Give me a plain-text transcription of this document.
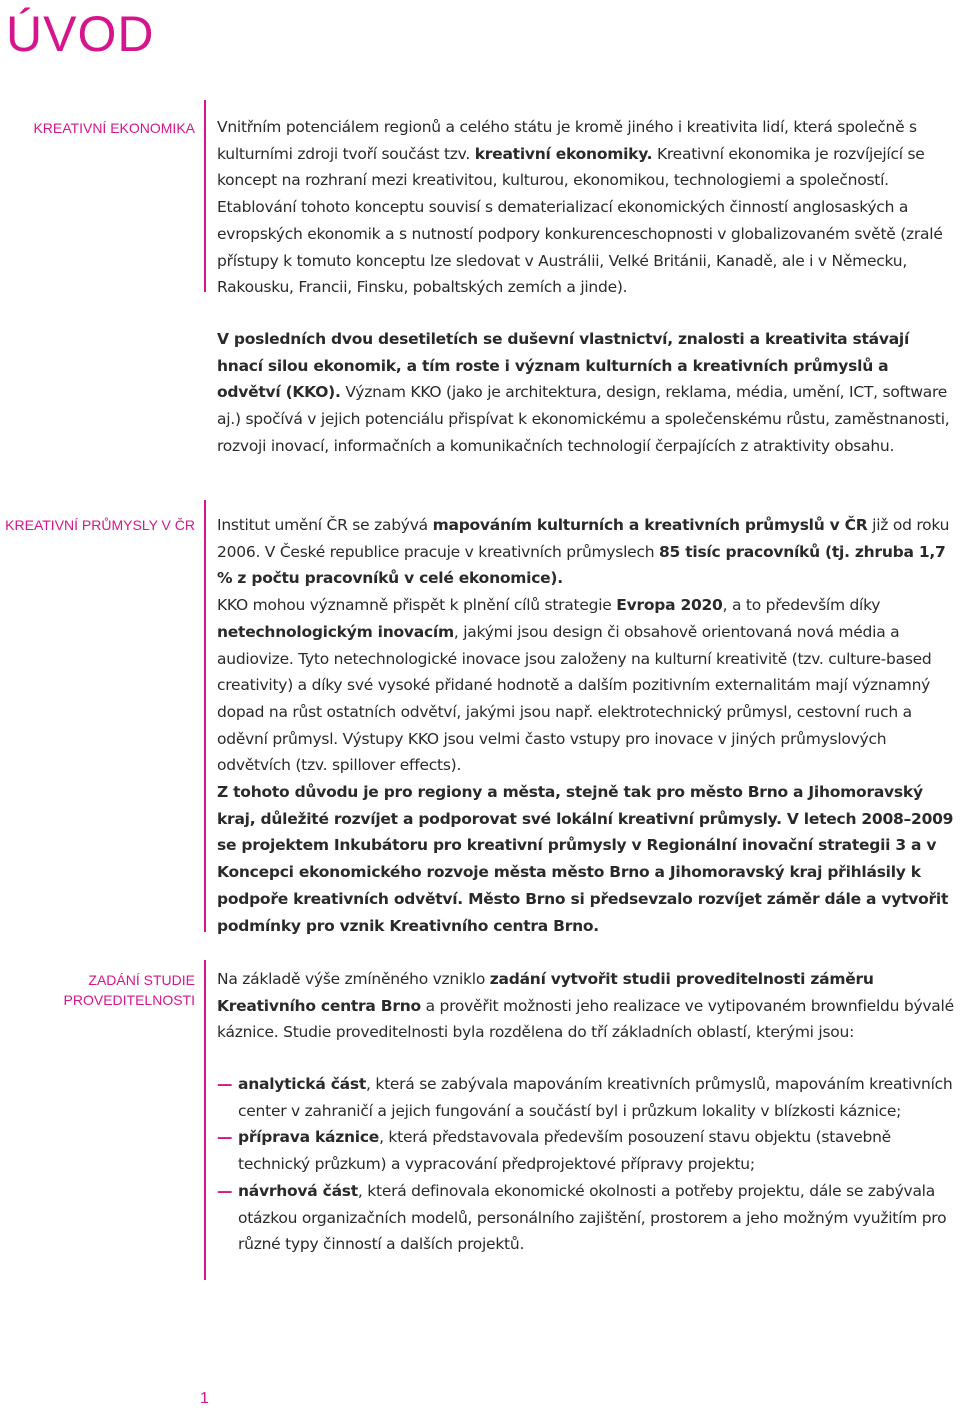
ÚVOD
KREATIVNÍ EKONOMIKA Vnitřním potenciálem regionů a celého státu je kromě jiného i kreativita lidí, která společně s kulturními zdroji tvoří součást tzv. kreativní ekonomiky. Kreativní ekonomika je rozvíjející se koncept na rozhraní mezi kreativitou, kulturou, ekonomikou, technologiemi a společností. Etablování tohoto konceptu souvisí s dematerializací ekonomických činností anglosaských a evropských ekonomik a s nutností podpory konkurenceschopnosti v globalizovaném světě (zralé přístupy k tomuto konceptu lze sledovat v Austrálii, Velké Británii, Kanadě, ale i v Německu, Rakousku, Francii, Finsku, pobaltských zemích a jinde).

V posledních dvou desetiletích se duševní vlastnictví, znalosti a kreativita stávají hnací silou ekonomik, a tím roste i význam kulturních a kreativních průmyslů a odvětví (KKO). Význam KKO (jako je architektura, design, reklama, média, umění, ICT, software aj.) spočívá v jejich potenciálu přispívat k ekonomickému a společenskému růstu, zaměstnanosti, rozvoji inovací, informačních a komunikačních technologií čerpajících z atraktivity obsahu.

KREATIVNÍ PRŮMYSLY V ČR Institut umění ČR se zabývá mapováním kulturních a kreativních průmyslů v ČR již od roku 2006. V České republice pracuje v kreativních průmyslech 85 tisíc pracovníků (tj. zhruba 1,7 % z počtu pracovníků v celé ekonomice).

KKO mohou významně přispět k plnění cílů strategie Evropa 2020, a to především díky netechnologickým inovacím, jakými jsou design či obsahově orientovaná nová média a audiovize. Tyto netechnologické inovace jsou založeny na kulturní kreativitě (tzv. culture-based creativity) a díky své vysoké přidané hodnotě a dalším pozitivním externalitám mají významný dopad na růst ostatních odvětví, jakými jsou např. elektrotechnický průmysl, cestovní ruch a oděvní průmysl. Výstupy KKO jsou velmi často vstupy pro inovace v jiných průmyslových odvětvích (tzv. spillover effects).

Z tohoto důvodu je pro regiony a města, stejně tak pro město Brno a Jihomoravský kraj, důležité rozvíjet a podporovat své lokální kreativní průmysly. V letech 2008–2009 se projektem Inkubátoru pro kreativní průmysly v Regionální inovační strategii 3 a v Koncepci ekonomického rozvoje města město Brno a Jihomoravský kraj přihlásily k podpoře kreativních odvětví. Město Brno si předsevzalo rozvíjet záměr dále a vytvořit podmínky pro vznik Kreativního centra Brno.

ZADÁNÍ STUDIE
PROVEDITELNOSTI

Na základě výše zmíněného vzniklo zadání vytvořit studii proveditelnosti záměru Kreativního centra Brno a prověřit možnosti jeho realizace ve vytipovaném brownfieldu bývalé káznice. Studie proveditelnosti byla rozdělena do tří základních oblastí, kterými jsou:

— analytická část, která se zabývala mapováním kreativních průmyslů, mapováním kreativních center v zahraničí a jejich fungování a součástí byl i průzkum lokality v blízkosti káznice;
— příprava káznice, která představovala především posouzení stavu objektu (stavebně technický průzkum) a vypracování předprojektové přípravy projektu;
— návrhová část, která definovala ekonomické okolnosti a potřeby projektu, dále se zabývala otázkou organizačních modelů, personálního zajištění, prostorem a jeho možným využitím pro různé typy činností a dalších projektů.
1
